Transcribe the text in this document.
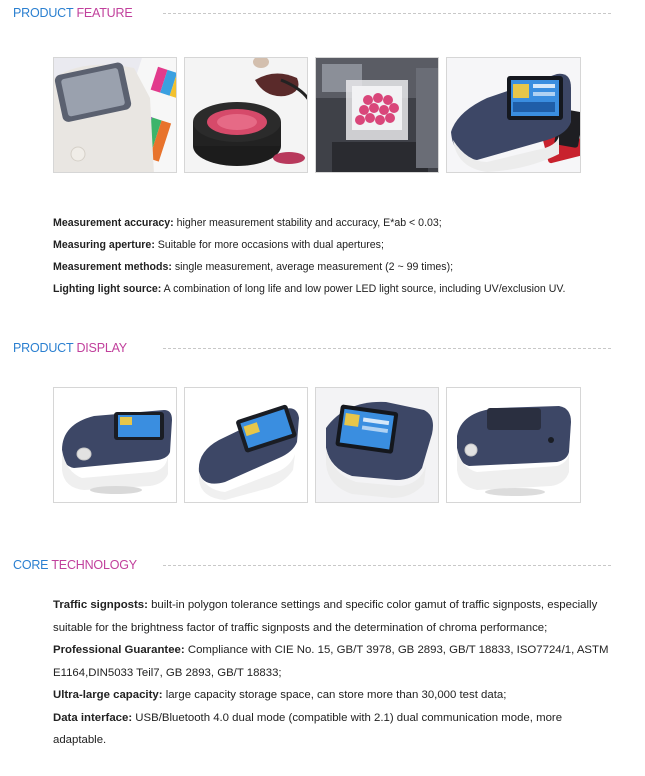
PRODUCT FEATURE

Measurement accuracy: higher measurement stability and accuracy, E*ab < 0.03;

Measuring aperture: Suitable for more occasions with dual apertures;

Measurement methods: single measurement, average measurement (2 ~ 99 times);

Lighting light source: A combination of long life and low power LED light source, including UV/exclusion UV.

PRODUCT DISPLAY
CORE TECHNOLOGY

Traffic signposts: built-in polygon tolerance settings and specific color gamut of traffic signposts, especially suitable for the brightness factor of traffic signposts and the determination of chroma performance;

Professional Guarantee: Compliance with CIE No. 15, GB/T 3978, GB 2893, GB/T 18833, ISO7724/1, ASTM E1164,DIN5033 Teil7, GB 2893, GB/T 18833;

Ultra-large capacity: large capacity storage space, can store more than 30,000 test data;

Data interface: USB/Bluetooth 4.0 dual mode (compatible with 2.1) dual communication mode, more adaptable.
